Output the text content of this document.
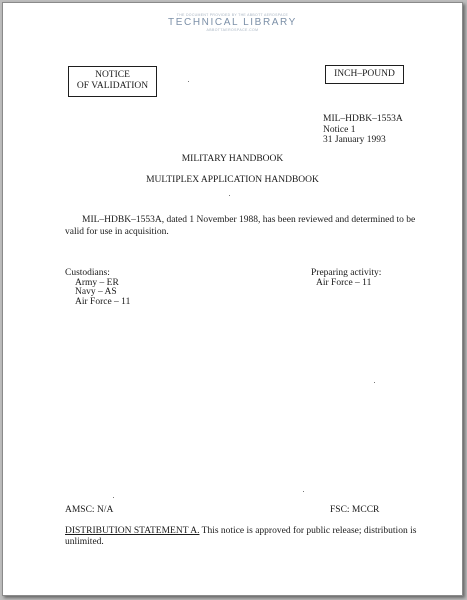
THE DOCUMENT PROVIDED BY THE ABBOTT AEROSPACE
TECHNICAL LIBRARY
ABBOTTAEROSPACE.COM
NOTICE
OF VALIDATION
INCH–POUND
MIL–HDBK–1553A
Notice 1
31 January 1993
MILITARY HANDBOOK
MULTIPLEX APPLICATION HANDBOOK
MIL–HDBK–1553A, dated 1 November 1988, has been reviewed and determined to be valid for use in acquisition.
Custodians:
Army – ER
Navy – AS
Air Force – 11
Preparing activity:
Air Force – 11
AMSC: N/A	FSC: MCCR
DISTRIBUTION STATEMENT A. This notice is approved for public release; distribution is unlimited.
